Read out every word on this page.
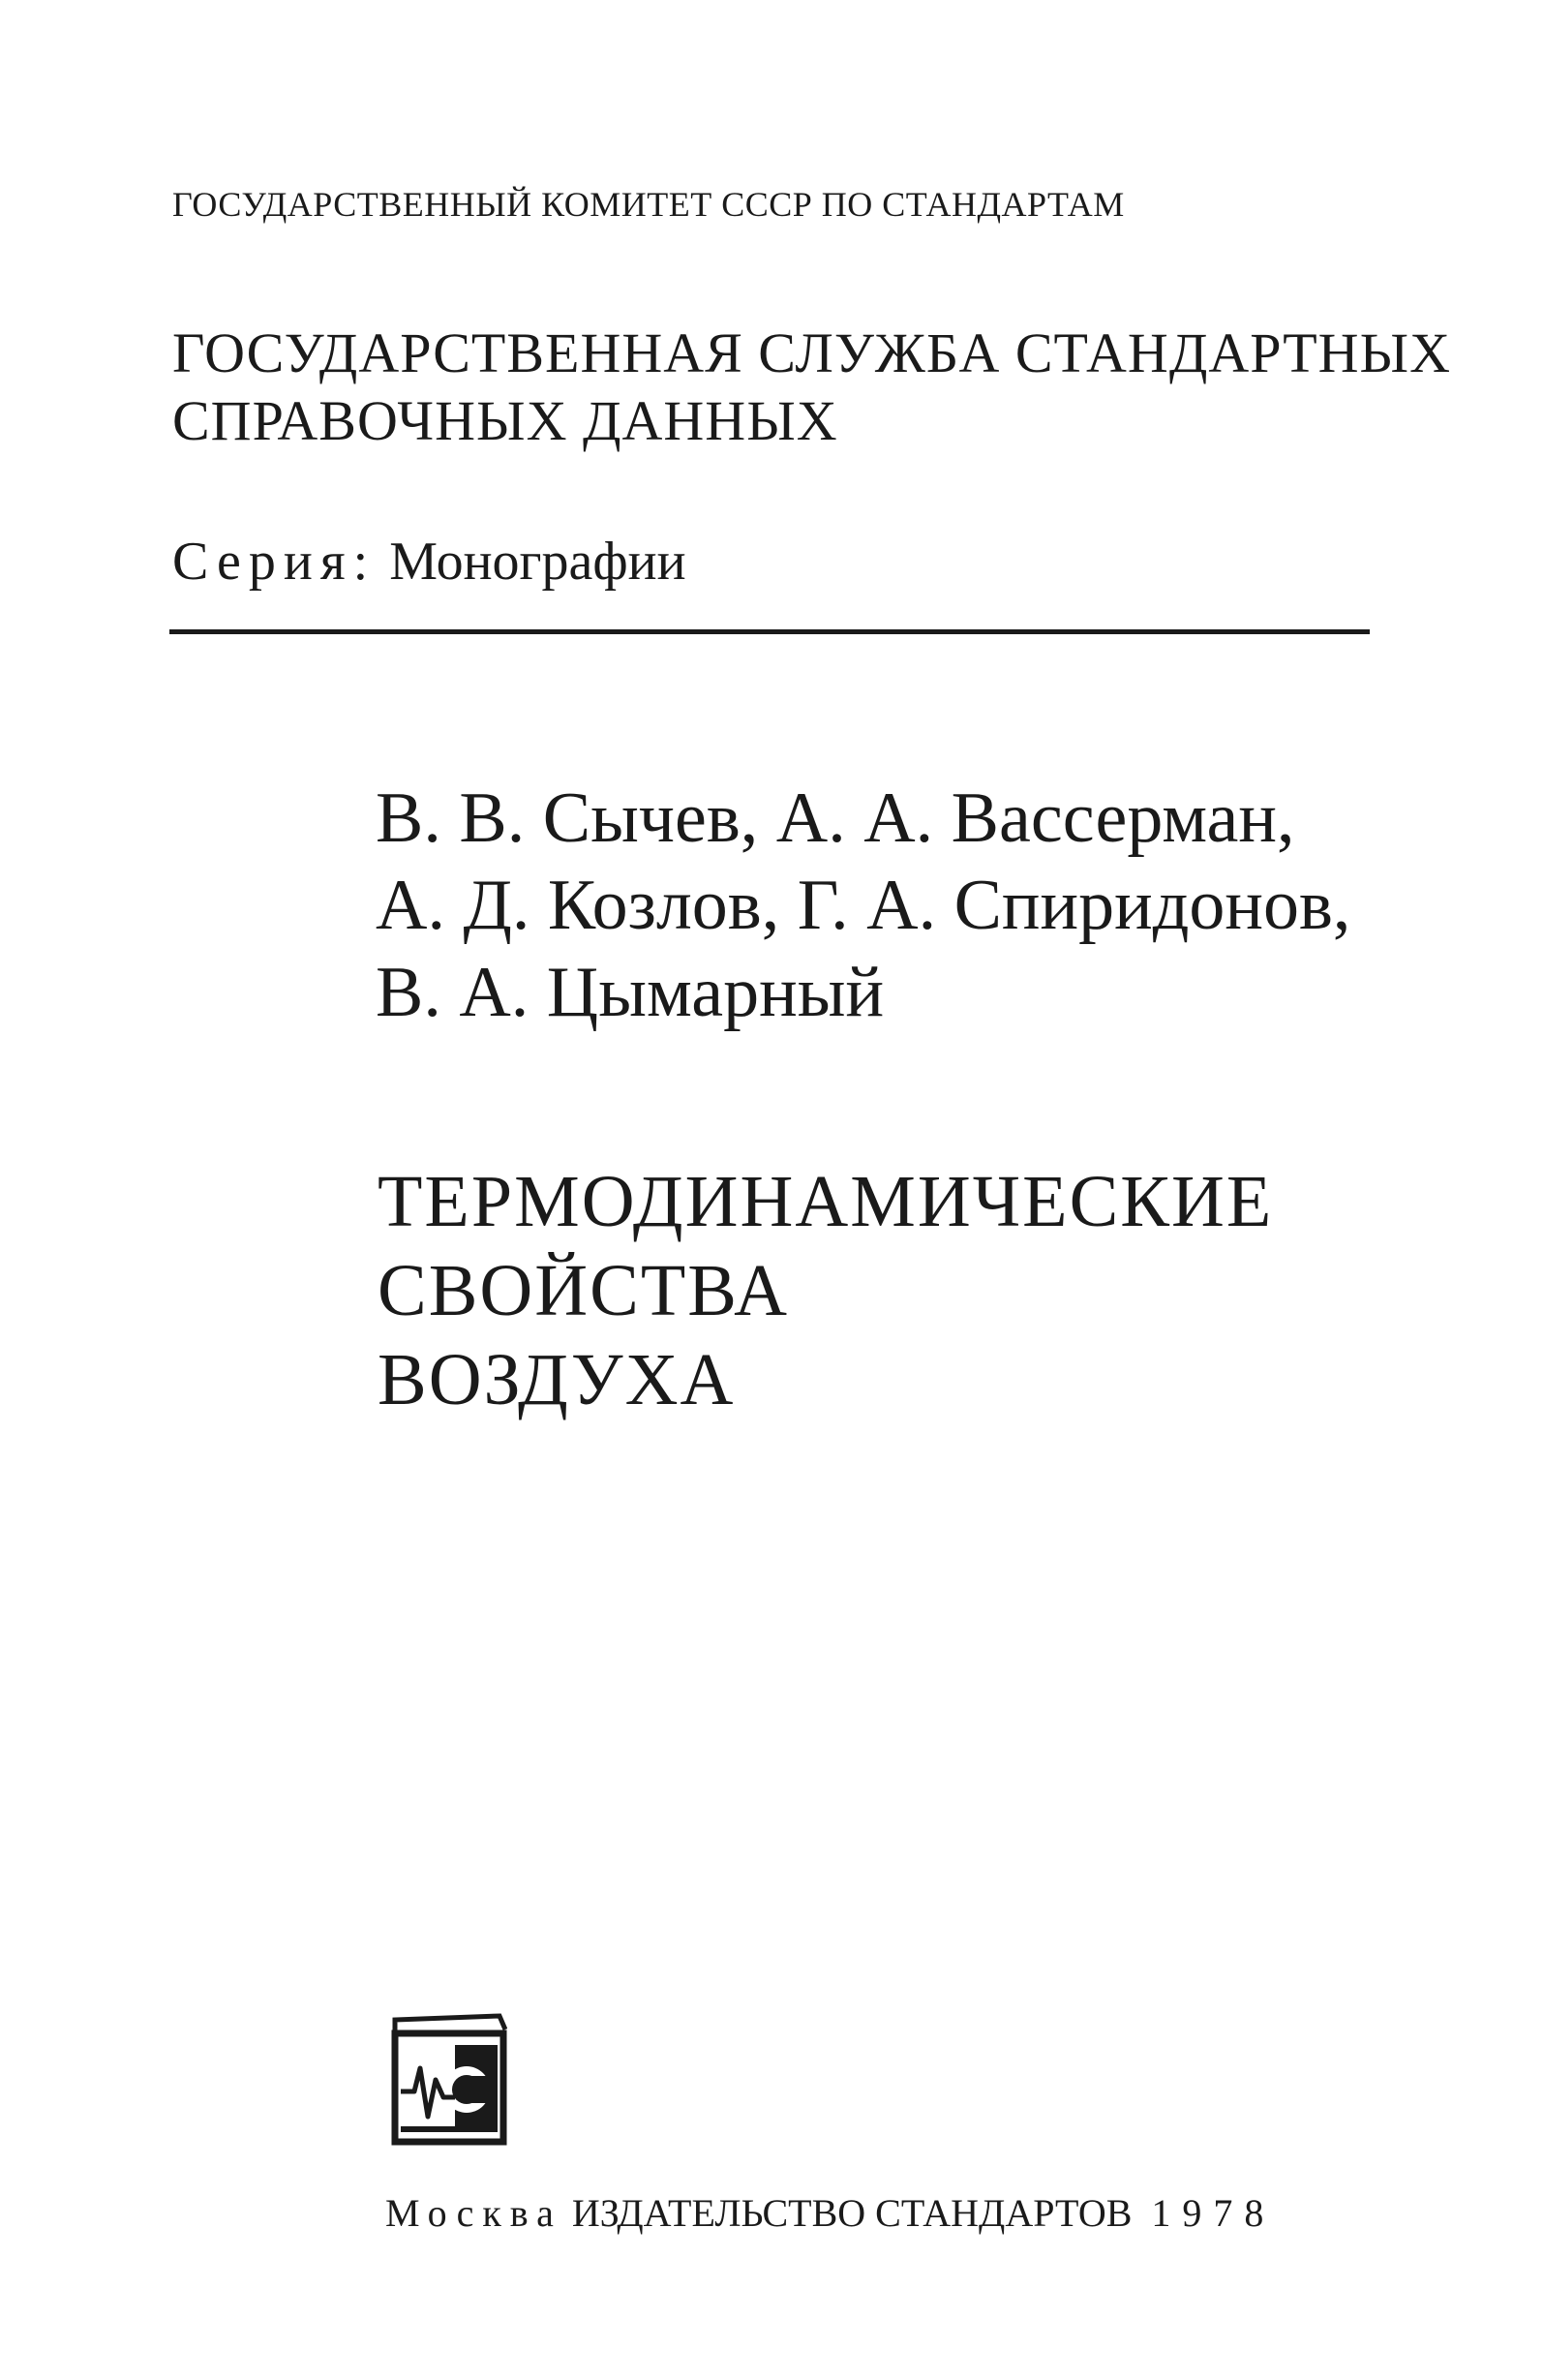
ГОСУДАРСТВЕННЫЙ КОМИТЕТ СССР ПО СТАНДАРТАМ
ГОСУДАРСТВЕННАЯ СЛУЖБА СТАНДАРТНЫХ
СПРАВОЧНЫХ ДАННЫХ
Серия: Монографии
В. В. Сычев, А. А. Вассерман,
А. Д. Козлов, Г. А. Спиридонов,
В. А. Цымарный
ТЕРМОДИНАМИЧЕСКИЕ
СВОЙСТВА
ВОЗДУХА
Москва ИЗДАТЕЛЬСТВО СТАНДАРТОВ 1978
